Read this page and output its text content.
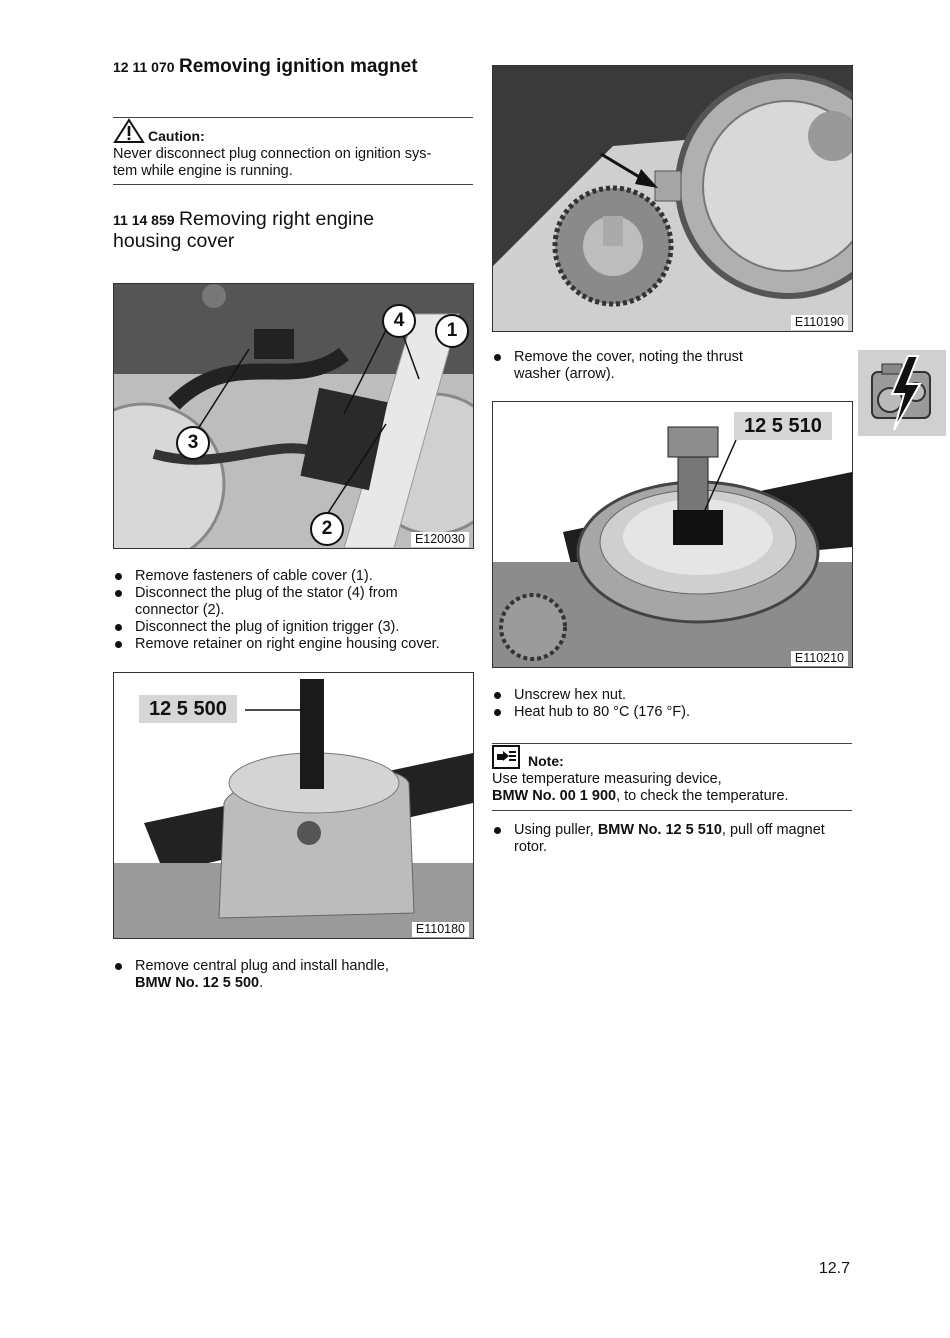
12 11 070 Removing ignition magnet
Caution:
Never disconnect plug connection on ignition sys-
tem while engine is running.
11 14 859 Removing right engine
housing cover
1
2
3
4
E120030
Remove fasteners of cable cover (1).
Disconnect the plug of the stator (4) from
connector (2).
Disconnect the plug of ignition trigger (3).
Remove retainer on right engine housing cover.
12 5 500
E110180
Remove central plug and install handle,
BMW No. 12 5 500.
E110190
Remove the cover, noting the thrust
washer (arrow).
12 5 510
E110210
Unscrew hex nut.
Heat hub to 80 °C (176 °F).
Note:
Use temperature measuring device,
BMW No. 00 1 900, to check the temperature.
Using puller, BMW No. 12 5 510, pull off magnet
rotor.
12.7
